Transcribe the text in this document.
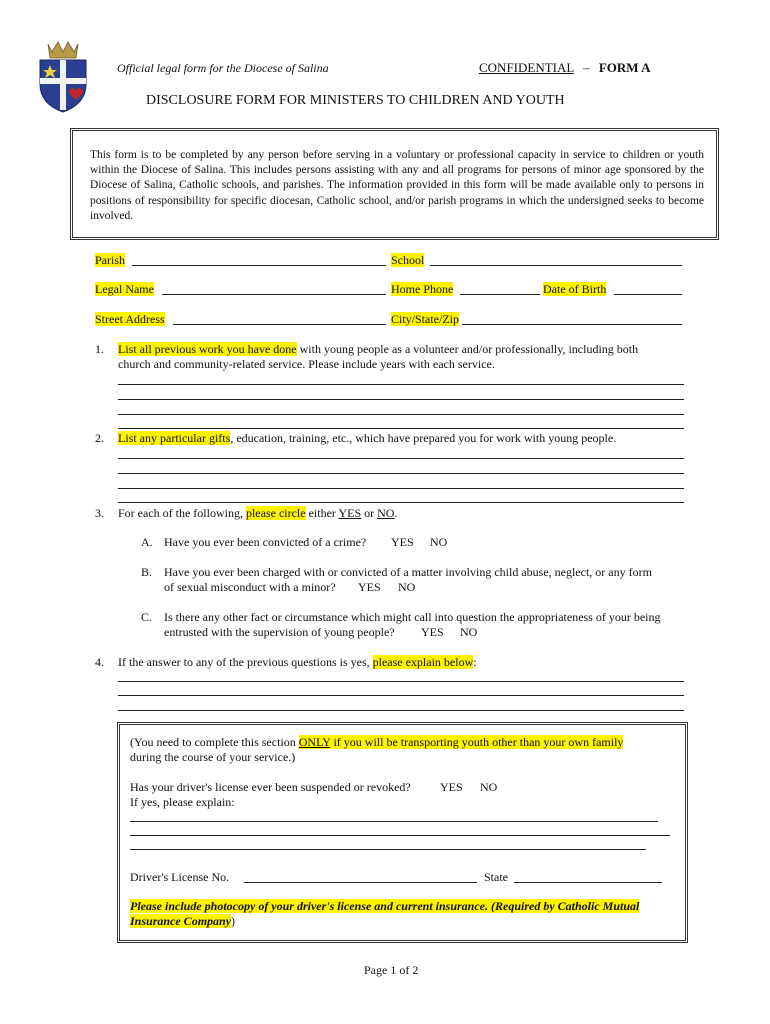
Official legal form for the Diocese of Salina	CONFIDENTIAL – FORM A
DISCLOSURE FORM FOR MINISTERS TO CHILDREN AND YOUTH
This form is to be completed by any person before serving in a voluntary or professional capacity in service to children or youth within the Diocese of Salina. This includes persons assisting with any and all programs for persons of minor age sponsored by the Diocese of Salina, Catholic schools, and parishes. The information provided in this form will be made available only to persons in positions of responsibility for specific diocesan, Catholic school, and/or parish programs in which the undersigned seeks to become involved.
Parish	School
Legal Name	Home Phone	Date of Birth
Street Address	City/State/Zip
1. List all previous work you have done with young people as a volunteer and/or professionally, including both
church and community-related service. Please include years with each service.
2. List any particular gifts, education, training, etc., which have prepared you for work with young people.
3. For each of the following, please circle either YES or NO.
A. Have you ever been convicted of a crime? YES NO
B. Have you ever been charged with or convicted of a matter involving child abuse, neglect, or any form
of sexual misconduct with a minor? YES NO
C. Is there any other fact or circumstance which might call into question the appropriateness of your being
entrusted with the supervision of young people? YES NO
4. If the answer to any of the previous questions is yes, please explain below:
(You need to complete this section ONLY if you will be transporting youth other than your own family
during the course of your service.)
Has your driver's license ever been suspended or revoked? YES NO
If yes, please explain:
Driver's License No.	State
Please include photocopy of your driver's license and current insurance. (Required by Catholic Mutual
Insurance Company)
Page 1 of 2
